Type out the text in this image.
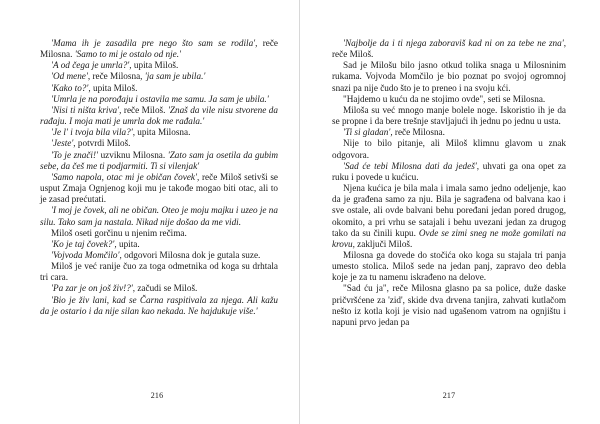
'Mama ih je zasadila pre nego što sam se rodila', reče Milosna. 'Samo to mi je ostalo od nje.'

'A od čega je umrla?', upita Miloš.

'Od mene', reče Milosna, 'ja sam je ubila.'

'Kako to?', upita Miloš.

'Umrla je na porođaju i ostavila me samu. Ja sam je ubila.'

'Nisi ti ništa kriva', reče Miloš. 'Znaš da vile nisu stvorene da rađaju. I moja mati je umrla dok me rađala.'

'Je l' i tvoja bila vila?', upita Milosna.

'Jeste', potvrdi Miloš.

'To je znači!' uzviknu Milosna. 'Zato sam ja osetila da gubim sebe, da češ me ti podjarmiti. Ti si vilenjak'

'Samo napola, otac mi je običan čovek', reče Miloš setivši se usput Zmaja Ognjenog koji mu je takođe mogao biti otac, ali to je zasad prećutati.

'I moj je čovek, ali ne običan. Oteo je moju majku i uzeo je na silu. Tako sam ja nastala. Nikad nije došao da me vidi.

Miloš oseti gorčinu u njenim rečima.

'Ko je taj čovek?', upita.

'Vojvoda Momčilo', odgovori Milosna dok je gutala suze.

Miloš je već ranije čuo za toga odmetnika od koga su drhtala tri cara.

'Pa zar je on još živ!?', začudi se Miloš.

'Bio je živ lani, kad se Čarna raspitivala za njega. Ali kažu da je ostario i da nije silan kao nekada. Ne hajdukuje više.'

216

'Najbolje da i ti njega zaboraviš kad ni on za tebe ne zna', reče Miloš.

Sad je Milošu bilo jasno otkud tolika snaga u Milosninim rukama. Vojvoda Momčilo je bio poznat po svojoj ogromnoj snazi pa nije čudo što je to preneo i na svoju kći.

"Hajdemo u kuću da ne stojimo ovde", seti se Milosna.

Miloša su već mnogo manje bolele noge. Iskoristio ih je da se propne i da bere trešnje stavljajući ih jednu po jednu u usta.

'Ti si gladan', reče Milosna.

Nije to bilo pitanje, ali Miloš klimnu glavom u znak odgovora.

'Sad će tebi Milosna dati da jedeš', uhvati ga ona opet za ruku i povede u kućicu.

Njena kućica je bila mala i imala samo jedno odeljenje, kao da je građena samo za nju. Bila je sagrađena od balvana kao i sve ostale, ali ovde balvani behu poređani jedan pored drugog, okomito, a pri vrhu se satajali i behu uvezani jedan za drugog tako da su činili kupu. Ovde se zimi sneg ne može gomilati na krovu, zaključi Miloš.

Milosna ga dovede do stočića oko koga su stajala tri panja umesto stolica. Miloš sede na jedan panj, zapravo deo debla koje je za tu namenu iskrađeno na delove.

"Sad ću ja", reče Milosna glasno pa sa police, duže daske pričvršćene za 'zid', skide dva drvena tanjira, zahvati kutlačom nešto iz kotla koji je visio nad ugašenom vatrom na ognjištu i napuni prvo jedan pa

217
